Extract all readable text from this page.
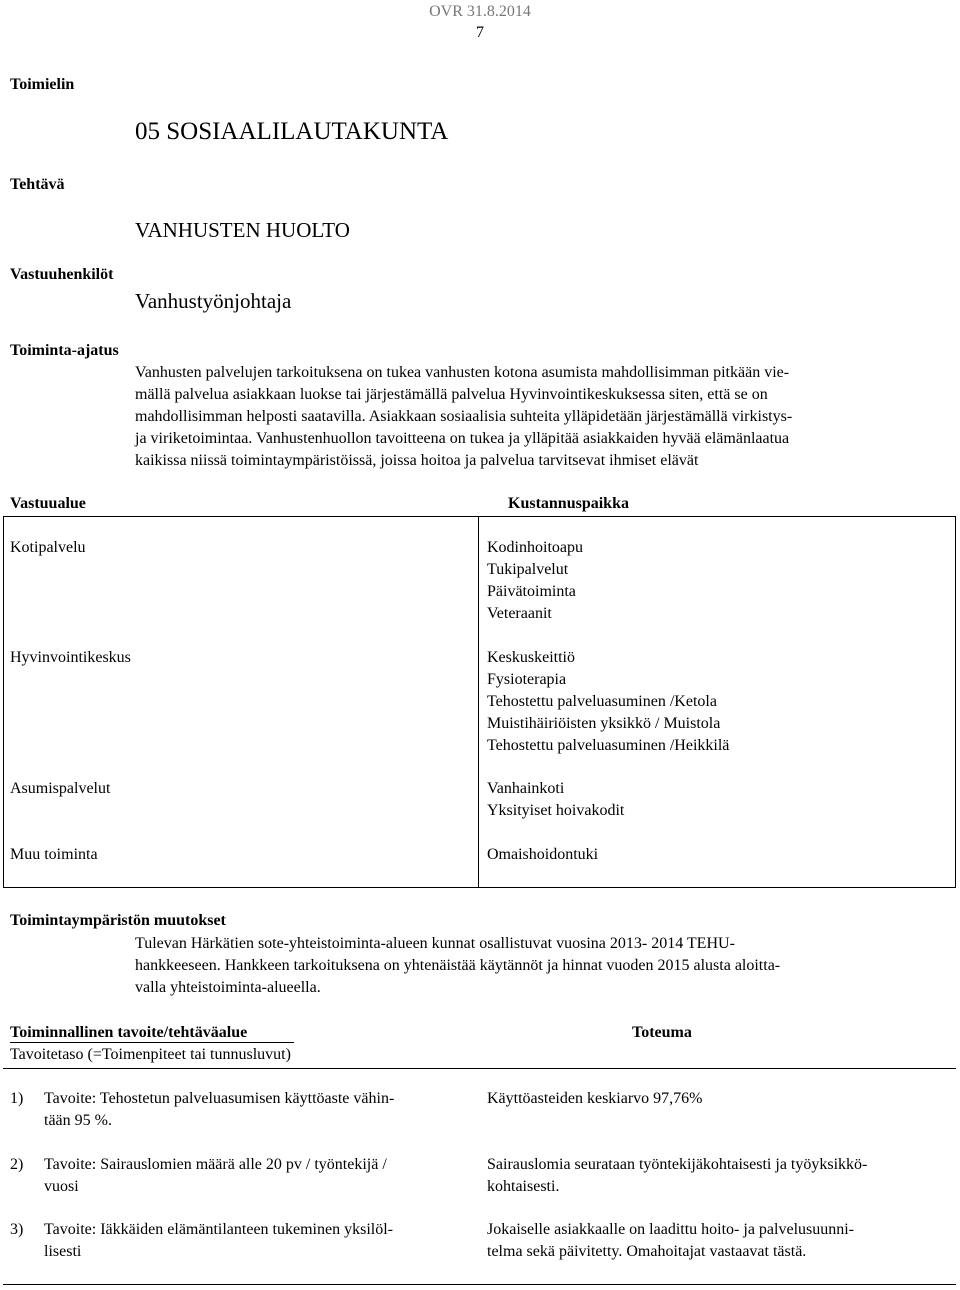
OVR 31.8.2014
7
Toimielin
05 SOSIAALILAUTAKUNTA
Tehtävä
VANHUSTEN HUOLTO
Vastuuhenkilöt
Vanhustyönjohtaja
Toiminta-ajatus
Vanhusten palvelujen tarkoituksena on tukea vanhusten kotona asumista mahdollisimman pitkään vie-
mällä palvelua asiakkaan luokse tai järjestämällä palvelua Hyvinvointikeskuksessa siten, että se on
mahdollisimman helposti saatavilla. Asiakkaan sosiaalisia suhteita ylläpidetään järjestämällä virkistys-
ja viriketoimintaa. Vanhustenhuollon tavoitteena on tukea ja ylläpitää asiakkaiden hyvää elämänlaatua
kaikissa niissä toimintaympäristöissä, joissa hoitoa ja palvelua tarvitsevat ihmiset elävät
Vastuualue	Kustannuspaikka
Kotipalvelu	Kodinhoitoapu
Tukipalvelut
Päivätoiminta
Veteraanit
Hyvinvointikeskus	Keskuskeittiö
Fysioterapia
Tehostettu palveluasuminen /Ketola
Muistihäiriöisten yksikkö / Muistola
Tehostettu palveluasuminen /Heikkilä
Asumispalvelut	Vanhainkoti
Yksityiset hoivakodit
Muu toiminta	Omaishoidontuki
Toimintaympäristön muutokset
Tulevan Härkätien sote-yhteistoiminta-alueen kunnat osallistuvat vuosina 2013- 2014 TEHU-
hankkeeseen. Hankkeen tarkoituksena on yhtenäistää käytännöt ja hinnat vuoden 2015 alusta aloitta-
valla yhteistoiminta-alueella.
Toiminnallinen tavoite/tehtäväalue
Tavoitetaso (=Toimenpiteet tai tunnusluvut)
Toteuma
1) Tavoite: Tehostetun palveluasumisen käyttöaste vähin-
tään 95 %.
Käyttöasteiden keskiarvo 97,76%
2) Tavoite: Sairauslomien määrä alle 20 pv / työntekijä /
vuosi
Sairauslomia seurataan työntekijäkohtaisesti ja työyksikkö-
kohtaisesti.
3) Tavoite: Iäkkäiden elämäntilanteen tukeminen yksilöl-
lisesti
Jokaiselle asiakkaalle on laadittu hoito- ja palvelusuunni-
telma sekä päivitetty. Omahoitajat vastaavat tästä.
